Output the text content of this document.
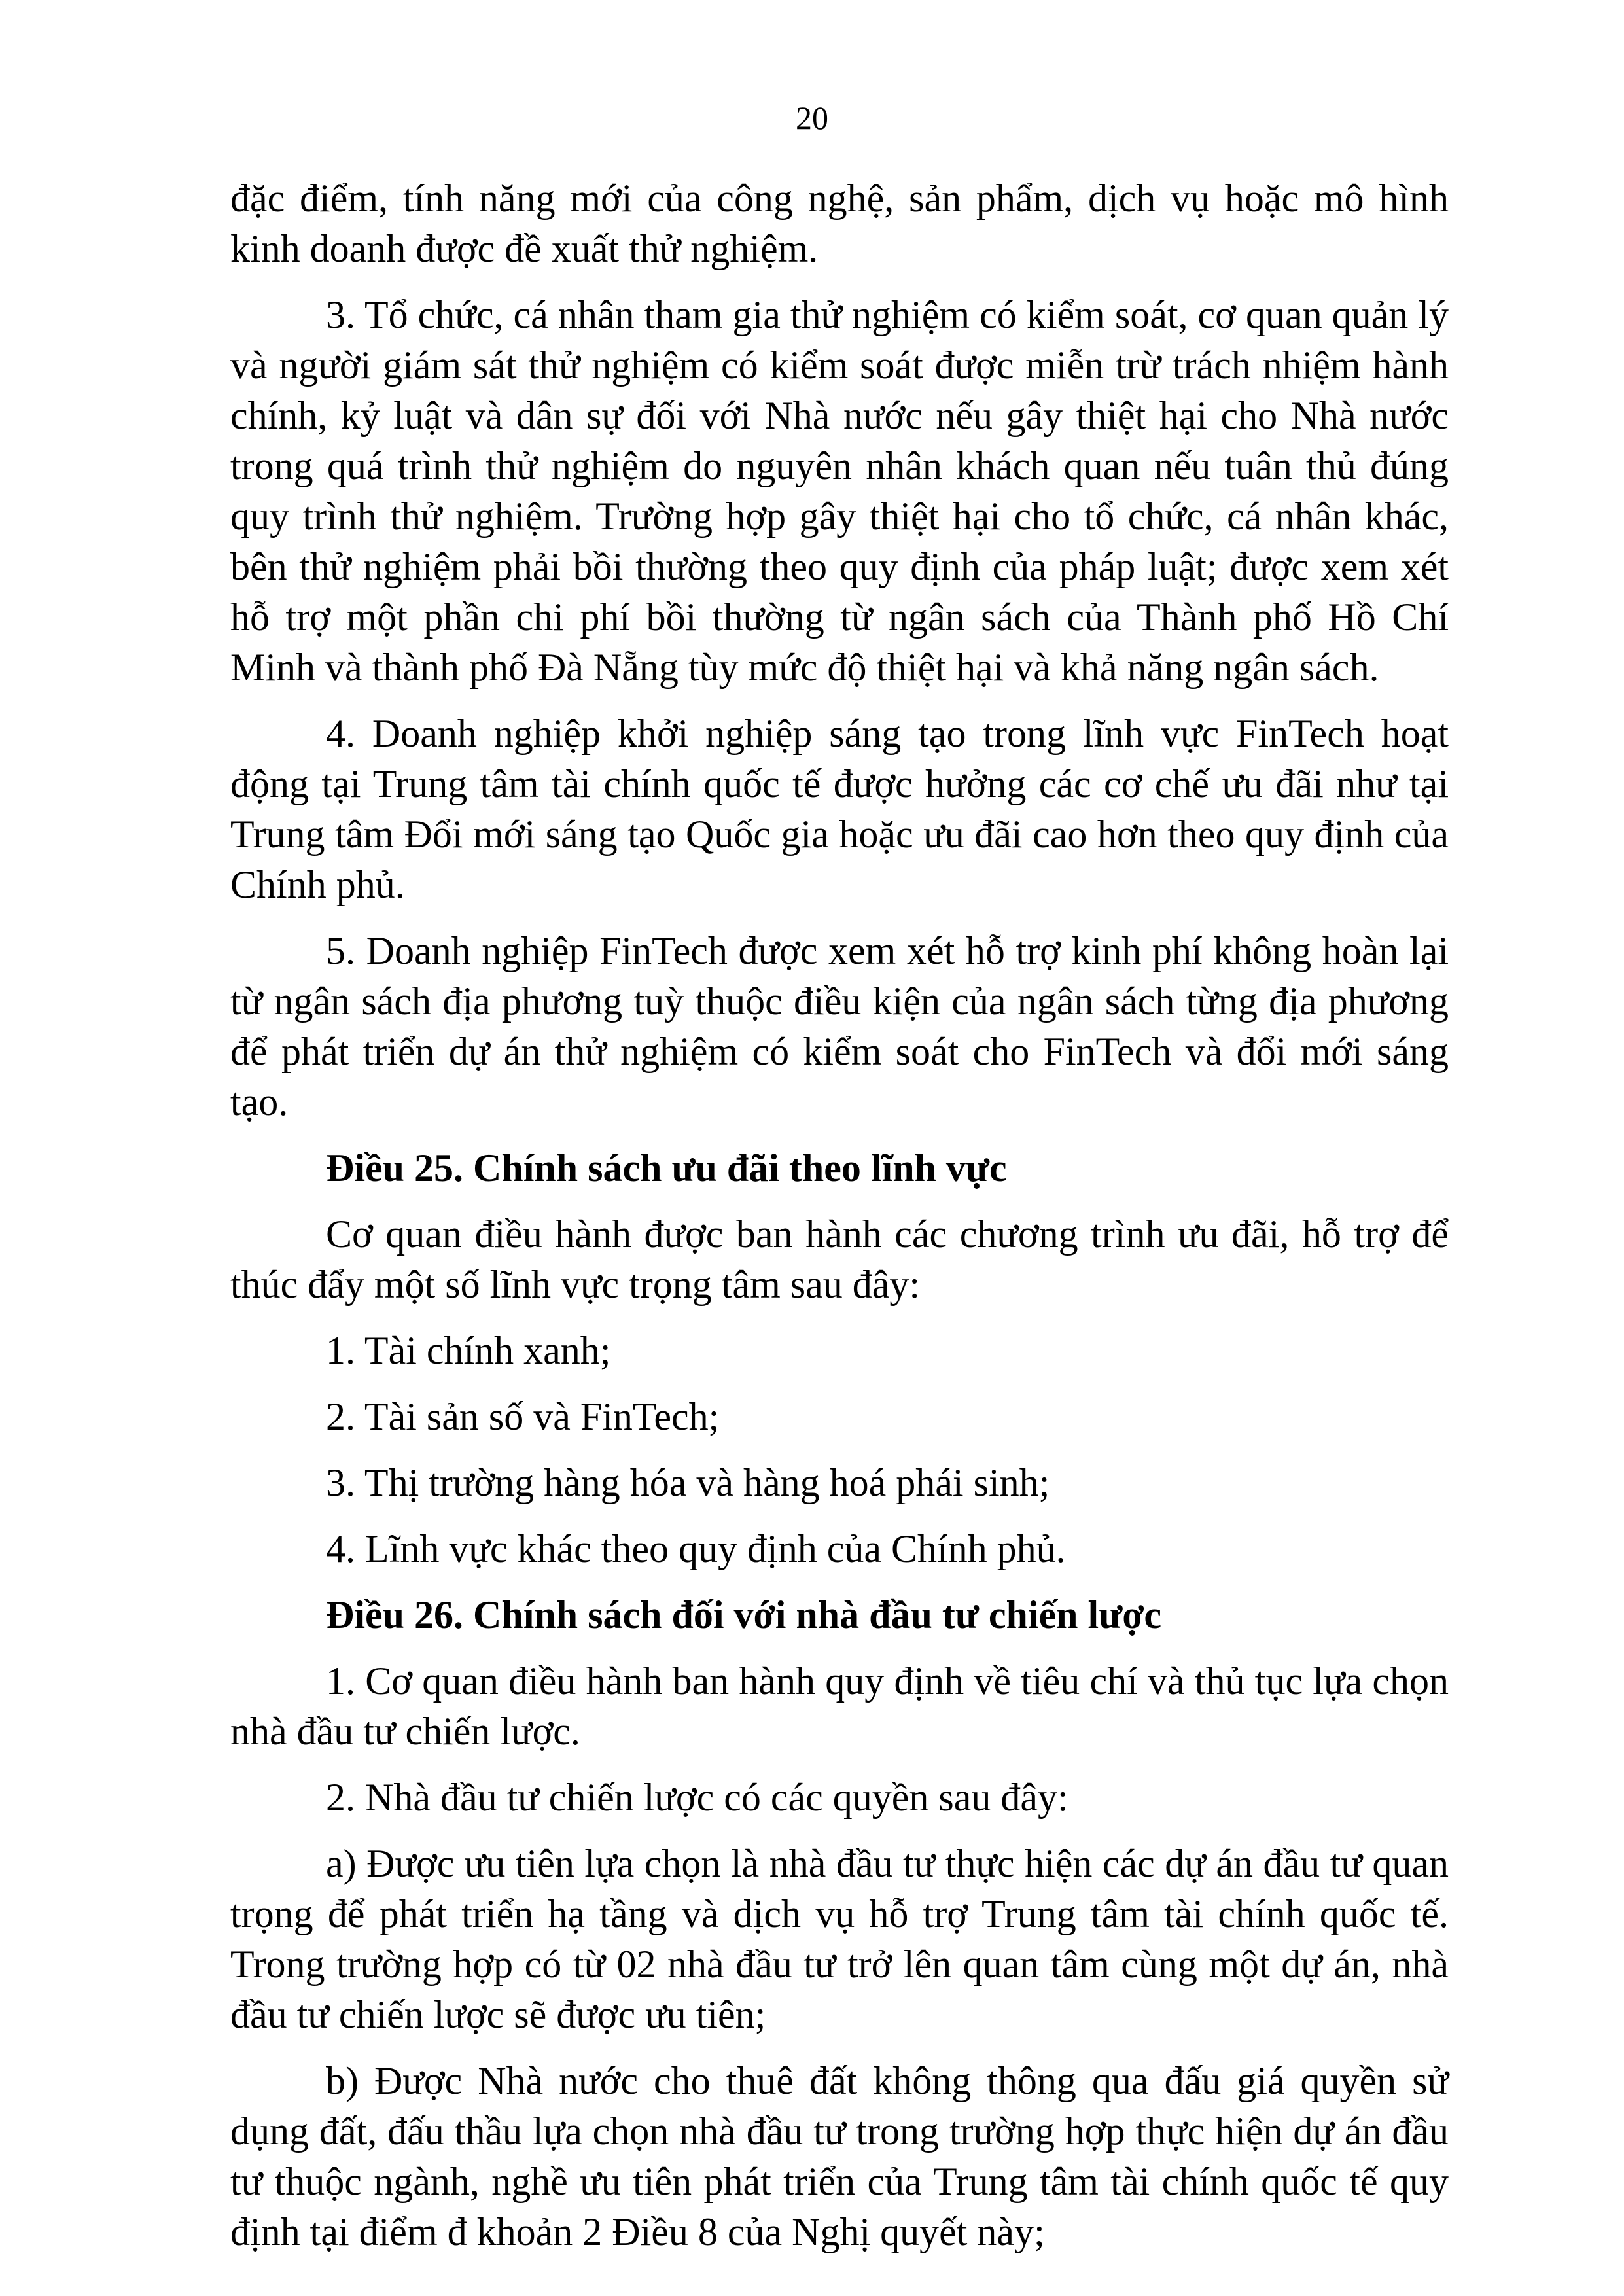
20

đặc điểm, tính năng mới của công nghệ, sản phẩm, dịch vụ hoặc mô hình kinh doanh được đề xuất thử nghiệm.

3. Tổ chức, cá nhân tham gia thử nghiệm có kiểm soát, cơ quan quản lý và người giám sát thử nghiệm có kiểm soát được miễn trừ trách nhiệm hành chính, kỷ luật và dân sự đối với Nhà nước nếu gây thiệt hại cho Nhà nước trong quá trình thử nghiệm do nguyên nhân khách quan nếu tuân thủ đúng quy trình thử nghiệm. Trường hợp gây thiệt hại cho tổ chức, cá nhân khác, bên thử nghiệm phải bồi thường theo quy định của pháp luật; được xem xét hỗ trợ một phần chi phí bồi thường từ ngân sách của Thành phố Hồ Chí Minh và thành phố Đà Nẵng tùy mức độ thiệt hại và khả năng ngân sách.

4. Doanh nghiệp khởi nghiệp sáng tạo trong lĩnh vực FinTech hoạt động tại Trung tâm tài chính quốc tế được hưởng các cơ chế ưu đãi như tại Trung tâm Đổi mới sáng tạo Quốc gia hoặc ưu đãi cao hơn theo quy định của Chính phủ.

5. Doanh nghiệp FinTech được xem xét hỗ trợ kinh phí không hoàn lại từ ngân sách địa phương tuỳ thuộc điều kiện của ngân sách từng địa phương để phát triển dự án thử nghiệm có kiểm soát cho FinTech và đổi mới sáng tạo.

Điều 25. Chính sách ưu đãi theo lĩnh vực

Cơ quan điều hành được ban hành các chương trình ưu đãi, hỗ trợ để thúc đẩy một số lĩnh vực trọng tâm sau đây:

1. Tài chính xanh;

2. Tài sản số và FinTech;

3. Thị trường hàng hóa và hàng hoá phái sinh;

4. Lĩnh vực khác theo quy định của Chính phủ.

Điều 26. Chính sách đối với nhà đầu tư chiến lược

1. Cơ quan điều hành ban hành quy định về tiêu chí và thủ tục lựa chọn nhà đầu tư chiến lược.

2. Nhà đầu tư chiến lược có các quyền sau đây:

a) Được ưu tiên lựa chọn là nhà đầu tư thực hiện các dự án đầu tư quan trọng để phát triển hạ tầng và dịch vụ hỗ trợ Trung tâm tài chính quốc tế. Trong trường hợp có từ 02 nhà đầu tư trở lên quan tâm cùng một dự án, nhà đầu tư chiến lược sẽ được ưu tiên;

b) Được Nhà nước cho thuê đất không thông qua đấu giá quyền sử dụng đất, đấu thầu lựa chọn nhà đầu tư trong trường hợp thực hiện dự án đầu tư thuộc ngành, nghề ưu tiên phát triển của Trung tâm tài chính quốc tế quy định tại điểm đ khoản 2 Điều 8 của Nghị quyết này;
